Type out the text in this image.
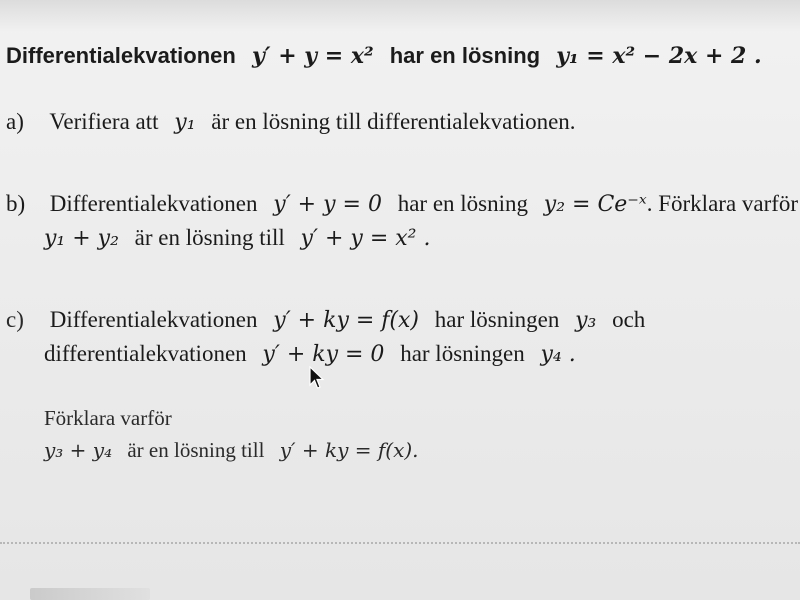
Differentialekvationen y′ + y = x² har en lösning y₁ = x² − 2x + 2 .
a) Verifiera att y₁ är en lösning till differentialekvationen.
b) Differentialekvationen y′ + y = 0 har en lösning y₂ = Ce⁻ˣ. Förklara varför
y₁ + y₂ är en lösning till y′ + y = x² .
c) Differentialekvationen y′ + ky = f(x) har lösningen y₃ och
differentialekvationen y′ + ky = 0 har lösningen y₄ .
Förklara varför
y₃ + y₄ är en lösning till y′ + ky = f(x).
